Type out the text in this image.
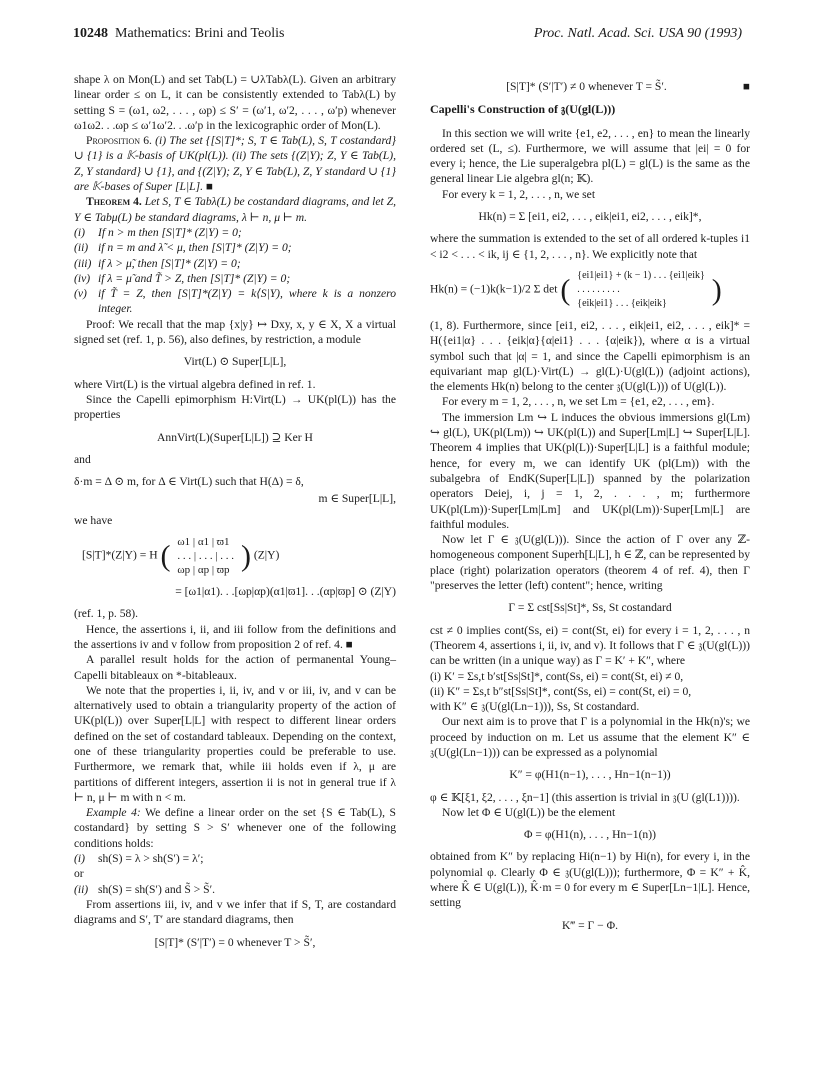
10248 Mathematics: Brini and Teolis	Proc. Natl. Acad. Sci. USA 90 (1993)

shape λ on Mon(L) and set Tab(L) = ∪λTabλ(L). Given an arbitrary linear order ≤ on L, it can be consistently extended to Tabλ(L) by setting S = (ω1, ω2, . . . , ωp) ≤ S′ = (ω′1, ω′2, . . . , ω′p) whenever ω1ω2. . .ωp ≤ ω′1ω′2. . .ω′p in the lexicographic order of Mon(L).

Proposition 6. (i) The set {[S|T]*; S, T ∈ Tab(L), S, T costandard} ∪ {1} is a 𝕂-basis of UK(pl(L)). (ii) The sets {(Z|Y); Z, Y ∈ Tab(L), Z, Y standard} ∪ {1}, and {(Z|Y); Z, Y ∈ Tab(L), Z, Y standard ∪ {1} are 𝕂-bases of Super [L|L]. ■

Theorem 4. Let S, T ∈ Tabλ(L) be costandard diagrams, and let Z, Y ∈ Tabμ(L) be standard diagrams, λ ⊢ n, μ ⊢ m.

(i)	If n > m then [S|T]* (Z|Y) = 0;
(ii) if n = m and λ̃ < μ, then [S|T]* (Z|Y) = 0;
(iii) if λ > μ̃, then [S|T]* (Z|Y) = 0;
(iv) if λ = μ̃ and T̃ > Z, then [S|T]* (Z|Y) = 0;
(v) if T̃ = Z, then [S|T]*(Z|Y) = k⟨S|Y), where k is a nonzero integer.

Proof: We recall that the map {x|y} ↦ Dxy, x, y ∈ X, X a virtual signed set (ref. 1, p. 56), also defines, by restriction, a module

Virt(L) ⊙ Super[L|L],

where Virt(L) is the virtual algebra defined in ref. 1.

Since the Capelli epimorphism H:Virt(L) → UK(pl(L)) has the properties

AnnVirt(L)(Super[L|L]) ⊇ Ker H

and

δ·m = Δ ⊙ m, for Δ ∈ Virt(L) such that H(Δ) = δ,
m ∈ Super[L|L],

we have

[S|T]*(Z|Y) = H ( ω1 | α1 | ϖ1
. . . | . . . | . . .
ωp | αp | ϖp ) (Z|Y)
= [ω1|α1). . .[ωp|αp)(α1|ϖ1]. . .(αp|ϖp] ⊙ (Z|Y)

(ref. 1, p. 58).

Hence, the assertions i, ii, and iii follow from the definitions and the assertions iv and v follow from proposition 2 of ref. 4. ■

A parallel result holds for the action of permanental Young–Capelli bitableaux on *-bitableaux.

We note that the properties i, ii, iv, and v or iii, iv, and v can be alternatively used to obtain a triangularity property of the action of UK(pl(L)) over Super[L|L] with respect to different linear orders defined on the set of costandard tableaux. Depending on the context, one of these triangularity properties could be preferable to use. Furthermore, we remark that, while iii holds even if λ, μ are partitions of different integers, assertion ii is not in general true if λ ⊢ n, μ ⊢ m with n < m.

Example 4: We define a linear order on the set {S ∈ Tab(L), S costandard} by setting S > S′ whenever one of the following conditions holds:

(i)	sh(S) = λ > sh(S′) = λ′;

or

(ii) sh(S) = sh(S′) and S̃ > S̃′.

From assertions iii, iv, and v we infer that if S, T, are costandard diagrams and S′, T′ are standard diagrams, then

[S|T]* (S′|T′) = 0 whenever T > S̃′,
[S|T]* (S′|T′) ≠ 0 whenever T = S̃′.	■
Capelli's Construction of 𝔷(U(gl(L)))

In this section we will write {e1, e2, . . . , en} to mean the linearly ordered set (L, ≤). Furthermore, we will assume that |ei| = 0 for every i; hence, the Lie superalgebra pl(L) = gl(L) is the same as the general linear Lie algebra gl(n; 𝕂).

For every k = 1, 2, . . . , n, we set

Hk(n) = Σ [ei1, ei2, . . . , eik|ei1, ei2, . . . , eik]*,

where the summation is extended to the set of all ordered k-tuples i1 < i2 < . . . < ik, ij ∈ {1, 2, . . . , n}. We explicitly note that

Hk(n) = (−1)k(k−1)/2 Σ det ( {ei1|ei1} + (k − 1) . . . {ei1|eik}
. . . . . . . . .
{eik|ei1} . . . {eik|eik}	)

(1, 8). Furthermore, since [ei1, ei2, . . . , eik|ei1, ei2, . . . , eik]* = H({ei1|α} . . . {eik|α}{α|ei1} . . . {α|eik}), where α is a virtual symbol such that |α| = 1, and since the Capelli epimorphism is an equivariant map gl(L)·Virt(L) → gl(L)·U(gl(L)) (adjoint actions), the elements Hk(n) belong to the center 𝔷(U(gl(L))) of U(gl(L)).

For every m = 1, 2, . . . , n, we set Lm = {e1, e2, . . . , em}.

The immersion Lm ↪ L induces the obvious immersions gl(Lm) ↪ gl(L), UK(pl(Lm)) ↪ UK(pl(L)) and Super[Lm|L] ↪ Super[L|L]. Theorem 4 implies that UK(pl(L))·Super[L|L] is a faithful module; hence, for every m, we can identify UK (pl(Lm)) with the subalgebra of EndK(Super[L|L]) spanned by the polarization operators Deiej, i, j = 1, 2, . . . , m; furthermore UK(pl(Lm))·Super[Lm|Lm] and UK(pl(Lm))·Super[Lm|L] are faithful modules.

Now let Γ ∈ 𝔷(U(gl(L))). Since the action of Γ over any ℤ-homogeneous component Superh[L|L], h ∈ ℤ, can be represented by place (right) polarization operators (theorem 4 of ref. 4), then Γ "preserves the letter (left) content"; hence, writing

Γ = Σ cst[Ss|St]*, Ss, St costandard

cst ≠ 0 implies cont(Ss, ei) = cont(St, ei) for every i = 1, 2, . . . , n (Theorem 4, assertions i, ii, iv, and v). It follows that Γ ∈ 𝔷(U(gl(L))) can be written (in a unique way) as Γ = K′ + K″, where

(i) K′ = Σs,t b′st[Ss|St]*, cont(Ss, ei) = cont(St, ei) ≠ 0,

(ii) K″ = Σs,t b″st[Ss|St]*, cont(Ss, ei) = cont(St, ei) = 0,

with K″ ∈ 𝔷(U(gl(Ln−1))), Ss, St costandard.

Our next aim is to prove that Γ is a polynomial in the Hk(n)'s; we proceed by induction on m. Let us assume that the element K″ ∈ 𝔷(U(gl(Ln−1))) can be expressed as a polynomial

K″ = φ(H1(n−1), . . . , Hn−1(n−1))

φ ∈ 𝕂[ξ1, ξ2, . . . , ξn−1] (this assertion is trivial in 𝔷(U (gl(L1)))).

Now let Φ ∈ U(gl(L)) be the element

Φ = φ(H1(n), . . . , Hn−1(n))

obtained from K″ by replacing Hi(n−1) by Hi(n), for every i, in the polynomial φ. Clearly Φ ∈ 𝔷(U(gl(L))); furthermore, Φ = K″ + K̂, where K̂ ∈ U(gl(L)), K̂·m = 0 for every m ∈ Super[Ln−1|L]. Hence, setting

K‴ = Γ − Φ.
